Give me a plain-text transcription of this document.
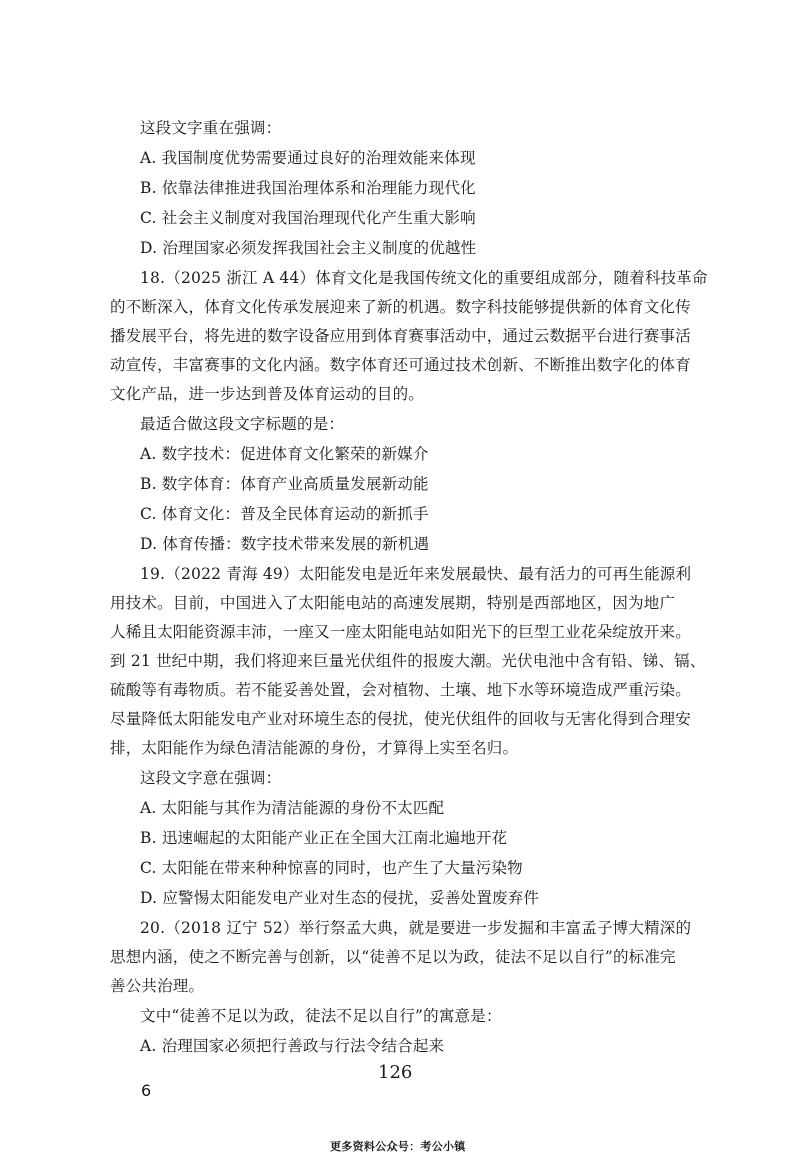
这段文字重在强调：
A. 我国制度优势需要通过良好的治理效能来体现
B. 依靠法律推进我国治理体系和治理能力现代化
C. 社会主义制度对我国治理现代化产生重大影响
D. 治理国家必须发挥我国社会主义制度的优越性
18.（2025 浙江 A 44）体育文化是我国传统文化的重要组成部分，随着科技革命
的不断深入，体育文化传承发展迎来了新的机遇。数字科技能够提供新的体育文化传
播发展平台，将先进的数字设备应用到体育赛事活动中，通过云数据平台进行赛事活
动宣传，丰富赛事的文化内涵。数字体育还可通过技术创新、不断推出数字化的体育
文化产品，进一步达到普及体育运动的目的。
最适合做这段文字标题的是：
A. 数字技术：促进体育文化繁荣的新媒介
B. 数字体育：体育产业高质量发展新动能
C. 体育文化：普及全民体育运动的新抓手
D. 体育传播：数字技术带来发展的新机遇
19.（2022 青海 49）太阳能发电是近年来发展最快、最有活力的可再生能源利
用技术。目前，中国进入了太阳能电站的高速发展期，特别是西部地区，因为地广
人稀且太阳能资源丰沛，一座又一座太阳能电站如阳光下的巨型工业花朵绽放开来。
到 21 世纪中期，我们将迎来巨量光伏组件的报废大潮。光伏电池中含有铅、锑、镉、
硫酸等有毒物质。若不能妥善处置，会对植物、土壤、地下水等环境造成严重污染。
尽量降低太阳能发电产业对环境生态的侵扰，使光伏组件的回收与无害化得到合理安
排，太阳能作为绿色清洁能源的身份，才算得上实至名归。
这段文字意在强调：
A. 太阳能与其作为清洁能源的身份不太匹配
B. 迅速崛起的太阳能产业正在全国大江南北遍地开花
C. 太阳能在带来种种惊喜的同时，也产生了大量污染物
D. 应警惕太阳能发电产业对生态的侵扰，妥善处置废弃件
20.（2018 辽宁 52）举行祭孟大典，就是要进一步发掘和丰富孟子博大精深的
思想内涵，使之不断完善与创新，以“徒善不足以为政，徒法不足以自行”的标准完
善公共治理。
文中“徒善不足以为政，徒法不足以自行”的寓意是：
A. 治理国家必须把行善政与行法令结合起来
126
6
更多资料公众号：考公小镇
